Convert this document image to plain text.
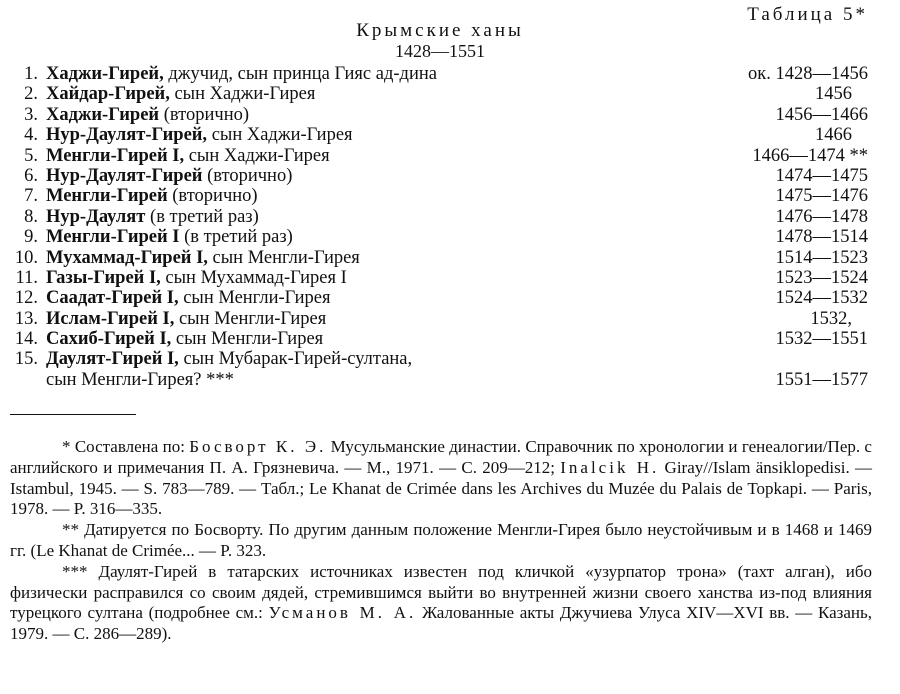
Таблица 5*
Крымские ханы
1428—1551
1. Хаджи-Гирей, джучид, сын принца Гияс ад-дина	ок. 1428—1456
2. Хайдар-Гирей, сын Хаджи-Гирея	1456
3. Хаджи-Гирей (вторично)	1456—1466
4. Нур-Даулят-Гирей, сын Хаджи-Гирея	1466
5. Менгли-Гирей I, сын Хаджи-Гирея	1466—1474 **
6. Нур-Даулят-Гирей (вторично)	1474—1475
7. Менгли-Гирей (вторично)	1475—1476
8. Нур-Даулят (в третий раз)	1476—1478
9. Менгли-Гирей I (в третий раз)	1478—1514
10. Мухаммад-Гирей I, сын Менгли-Гирея	1514—1523
11. Газы-Гирей I, сын Мухаммад-Гирея I	1523—1524
12. Саадат-Гирей I, сын Менгли-Гирея	1524—1532
13. Ислам-Гирей I, сын Менгли-Гирея	1532,
14. Сахиб-Гирей I, сын Менгли-Гирея	1532—1551
15. Даулят-Гирей I, сын Мубарак-Гирей-султана,
сын Менгли-Гирея? ***	1551—1577

* Составлена по: Босворт К. Э. Мусульманские династии. Справочник по хронологии и генеалогии/Пер. с английского и примечания П. А. Грязневича. — М., 1971. — С. 209—212; Inalcik H. Giray//Islam änsiklopedisi. — Istambul, 1945. — S. 783—789. — Табл.; Le Khanat de Crimée dans les Archives du Muzée du Palais de Topkapi. — Paris, 1978. — P. 316—335.

** Датируется по Босворту. По другим данным положение Менгли-Гирея было неустойчивым и в 1468 и 1469 гг. (Le Khanat de Crimée... — P. 323.

*** Даулят-Гирей в татарских источниках известен под кличкой «узурпатор трона» (тахт алган), ибо физически расправился со своим дядей, стремившимся выйти во внутренней жизни своего ханства из-под влияния турецкого султана (подробнее см.: Усманов М. А. Жалованные акты Джучиева Улуса XIV—XVI вв. — Казань, 1979. — С. 286—289).
